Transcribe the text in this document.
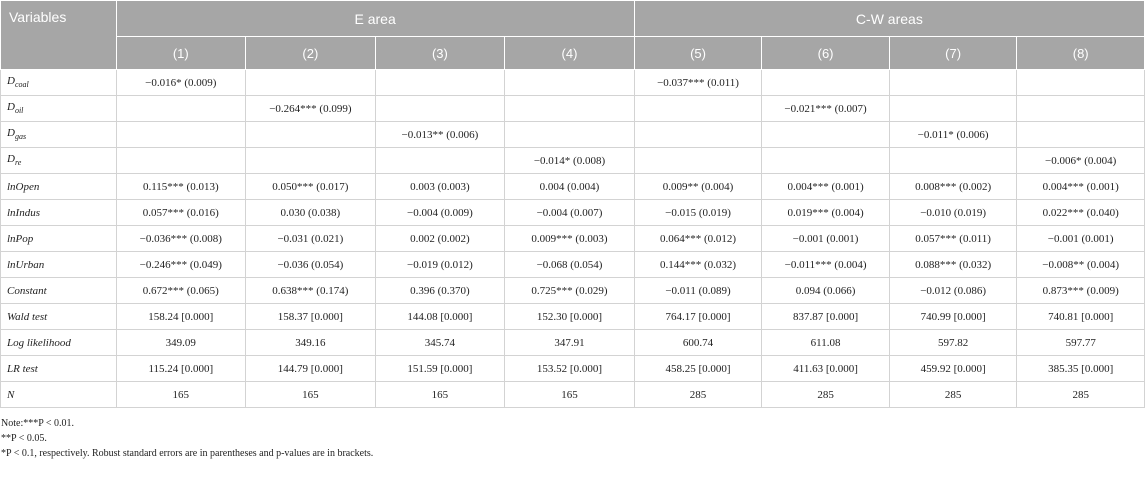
Variables	E area				C-W areas			
	(1)	(2)	(3)	(4)	(5)	(6)	(7)	(8)
$D_{coal}$	−0.016* (0.009)				−0.037*** (0.011)			
$D_{oil}$		−0.264*** (0.099)				−0.021*** (0.007)		
$D_{gas}$			−0.013** (0.006)				−0.011* (0.006)	
$D_{re}$				−0.014* (0.008)				−0.006* (0.004)
lnOpen	0.115*** (0.013)	0.050*** (0.017)	0.003 (0.003)	0.004 (0.004)	0.009** (0.004)	0.004*** (0.001)	0.008*** (0.002)	0.004*** (0.001)
lnIndus	0.057*** (0.016)	0.030 (0.038)	−0.004 (0.009)	−0.004 (0.007)	−0.015 (0.019)	0.019*** (0.004)	−0.010 (0.019)	0.022*** (0.040)
lnPop	−0.036*** (0.008)	−0.031 (0.021)	0.002 (0.002)	0.009*** (0.003)	0.064*** (0.012)	−0.001 (0.001)	0.057*** (0.011)	−0.001 (0.001)
lnUrban	−0.246*** (0.049)	−0.036 (0.054)	−0.019 (0.012)	−0.068 (0.054)	0.144*** (0.032)	−0.011*** (0.004)	0.088*** (0.032)	−0.008** (0.004)
Constant	0.672*** (0.065)	0.638*** (0.174)	0.396 (0.370)	0.725*** (0.029)	−0.011 (0.089)	0.094 (0.066)	−0.012 (0.086)	0.873*** (0.009)
Wald test	158.24 [0.000]	158.37 [0.000]	144.08 [0.000]	152.30 [0.000]	764.17 [0.000]	837.87 [0.000]	740.99 [0.000]	740.81 [0.000]
Log likelihood	349.09	349.16	345.74	347.91	600.74	611.08	597.82	597.77
LR test	115.24 [0.000]	144.79 [0.000]	151.59 [0.000]	153.52 [0.000]	458.25 [0.000]	411.63 [0.000]	459.92 [0.000]	385.35 [0.000]
N	165	165	165	165	285	285	285	285
Note:***P < 0.01.
**P < 0.05.
*P < 0.1, respectively. Robust standard errors are in parentheses and p-values are in brackets.
